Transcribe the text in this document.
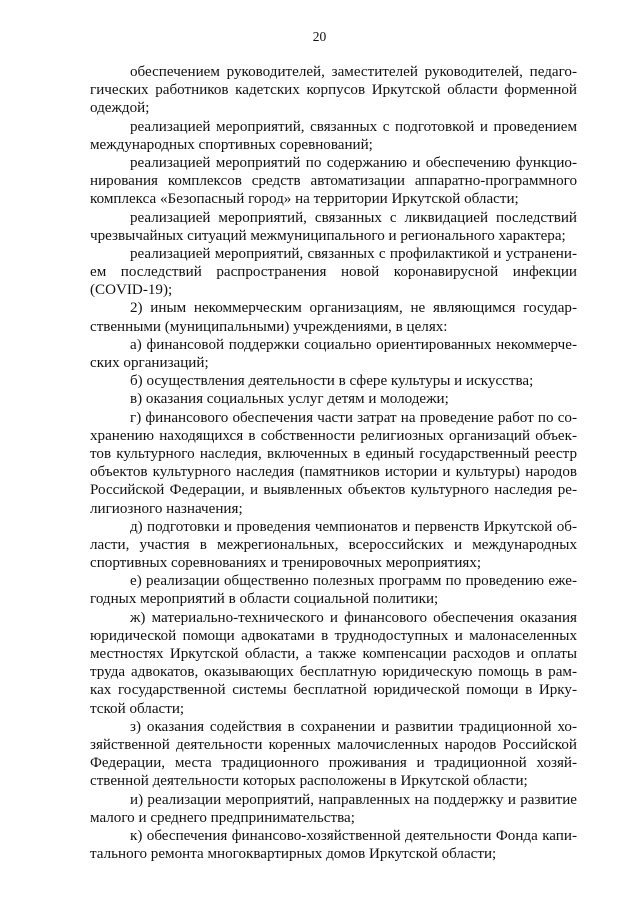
20
обеспечением руководителей, заместителей руководителей, педаго-
гических работников кадетских корпусов Иркутской области форменной
одеждой;
реализацией мероприятий, связанных с подготовкой и проведением
международных спортивных соревнований;
реализацией мероприятий по содержанию и обеспечению функцио-
нирования комплексов средств автоматизации аппаратно-программного
комплекса «Безопасный город» на территории Иркутской области;
реализацией мероприятий, связанных с ликвидацией последствий
чрезвычайных ситуаций межмуниципального и регионального характера;
реализацией мероприятий, связанных с профилактикой и устранени-
ем последствий распространения новой коронавирусной инфекции
(COVID-19);
2) иным некоммерческим организациям, не являющимся государ-
ственными (муниципальными) учреждениями, в целях:
а) финансовой поддержки социально ориентированных некоммерче-
ских организаций;
б) осуществления деятельности в сфере культуры и искусства;
в) оказания социальных услуг детям и молодежи;
г) финансового обеспечения части затрат на проведение работ по со-
хранению находящихся в собственности религиозных организаций объек-
тов культурного наследия, включенных в единый государственный реестр
объектов культурного наследия (памятников истории и культуры) народов
Российской Федерации, и выявленных объектов культурного наследия ре-
лигиозного назначения;
д) подготовки и проведения чемпионатов и первенств Иркутской об-
ласти, участия в межрегиональных, всероссийских и международных
спортивных соревнованиях и тренировочных мероприятиях;
е) реализации общественно полезных программ по проведению еже-
годных мероприятий в области социальной политики;
ж) материально-технического и финансового обеспечения оказания
юридической помощи адвокатами в труднодоступных и малонаселенных
местностях Иркутской области, а также компенсации расходов и оплаты
труда адвокатов, оказывающих бесплатную юридическую помощь в рам-
ках государственной системы бесплатной юридической помощи в Ирку-
тской области;
з) оказания содействия в сохранении и развитии традиционной хо-
зяйственной деятельности коренных малочисленных народов Российской
Федерации, места традиционного проживания и традиционной хозяй-
ственной деятельности которых расположены в Иркутской области;
и) реализации мероприятий, направленных на поддержку и развитие
малого и среднего предпринимательства;
к) обеспечения финансово-хозяйственной деятельности Фонда капи-
тального ремонта многоквартирных домов Иркутской области;
